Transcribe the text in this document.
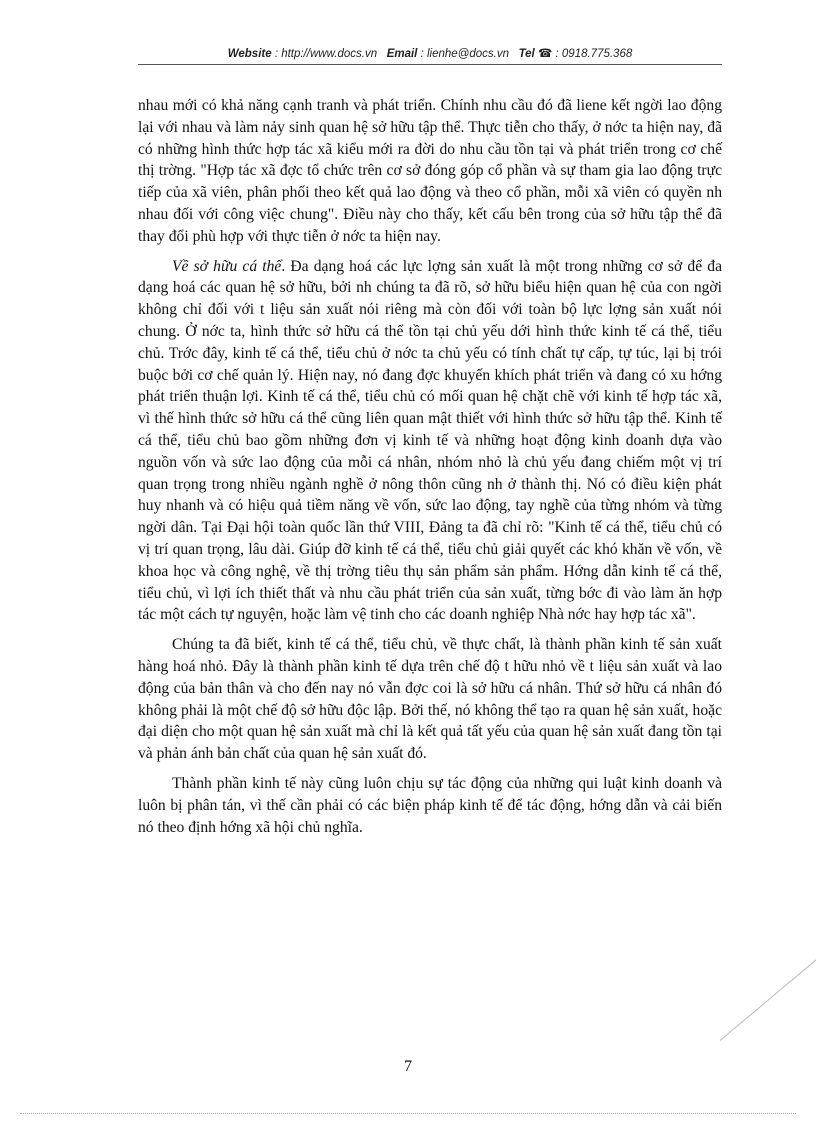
Website : http://www.docs.vn Email : lienhe@docs.vn Tel ☎ : 0918.775.368

nhau mới có khả năng cạnh tranh và phát triển. Chính nhu cầu đó đã liene kết ngời lao động lại với nhau và làm nảy sinh quan hệ sở hữu tập thể. Thực tiễn cho thấy, ở nớc ta hiện nay, đã có những hình thức hợp tác xã kiểu mới ra đời do nhu cầu tồn tại và phát triển trong cơ chế thị trờng. "Hợp tác xã đợc tổ chức trên cơ sở đóng góp cổ phần và sự tham gia lao động trực tiếp của xã viên, phân phối theo kết quả lao động và theo cổ phần, mỗi xã viên có quyền nh nhau đối với công việc chung". Điều này cho thấy, kết cấu bên trong của sở hữu tập thể đã thay đổi phù hợp với thực tiễn ở nớc ta hiện nay.

Về sở hữu cá thể. Đa dạng hoá các lực lợng sản xuất là một trong những cơ sở để đa dạng hoá các quan hệ sở hữu, bởi nh chúng ta đã rõ, sở hữu biểu hiện quan hệ của con ngời không chỉ đối với t liệu sản xuất nói riêng mà còn đối với toàn bộ lực lợng sản xuất nói chung. Ở nớc ta, hình thức sở hữu cá thể tồn tại chủ yếu dới hình thức kinh tế cá thể, tiểu chủ. Trớc đây, kinh tế cá thể, tiểu chủ ở nớc ta chủ yếu có tính chất tự cấp, tự túc, lại bị trói buộc bởi cơ chế quản lý. Hiện nay, nó đang đợc khuyến khích phát triển và đang có xu hớng phát triển thuận lợi. Kinh tế cá thể, tiểu chủ có mối quan hệ chặt chẽ với kinh tế hợp tác xã, vì thế hình thức sở hữu cá thể cũng liên quan mật thiết với hình thức sở hữu tập thể. Kinh tế cá thể, tiểu chủ bao gồm những đơn vị kinh tế và những hoạt động kinh doanh dựa vào nguồn vốn và sức lao động của mỗi cá nhân, nhóm nhỏ là chủ yếu đang chiếm một vị trí quan trọng trong nhiều ngành nghề ở nông thôn cũng nh ở thành thị. Nó có điều kiện phát huy nhanh và có hiệu quả tiềm năng về vốn, sức lao động, tay nghề của từng nhóm và từng ngời dân. Tại Đại hội toàn quốc lần thứ VIII, Đảng ta đã chỉ rõ: "Kinh tế cá thể, tiểu chủ có vị trí quan trọng, lâu dài. Giúp đỡ kinh tế cá thể, tiểu chủ giải quyết các khó khăn về vốn, về khoa học và công nghệ, về thị trờng tiêu thụ sản phẩm sản phẩm. Hớng dẫn kinh tế cá thể, tiểu chủ, vì lợi ích thiết thất và nhu cầu phát triển của sản xuất, từng bớc đi vào làm ăn hợp tác một cách tự nguyện, hoặc làm vệ tinh cho các doanh nghiệp Nhà nớc hay hợp tác xã".

Chúng ta đã biết, kinh tế cá thể, tiểu chủ, về thực chất, là thành phần kinh tế sản xuất hàng hoá nhỏ. Đây là thành phần kinh tế dựa trên chế độ t hữu nhỏ về t liệu sản xuất và lao động của bản thân và cho đến nay nó vẫn đợc coi là sở hữu cá nhân. Thứ sở hữu cá nhân đó không phải là một chế độ sở hữu độc lập. Bởi thế, nó không thể tạo ra quan hệ sản xuất, hoặc đại diện cho một quan hệ sản xuất mà chỉ là kết quả tất yếu của quan hệ sản xuất đang tồn tại và phản ánh bản chất của quan hệ sản xuất đó.

Thành phần kinh tế này cũng luôn chịu sự tác động của những qui luật kinh doanh và luôn bị phân tán, vì thế cần phải có các biện pháp kinh tế để tác động, hớng dẫn và cải biến nó theo định hớng xã hội chủ nghĩa.

7
